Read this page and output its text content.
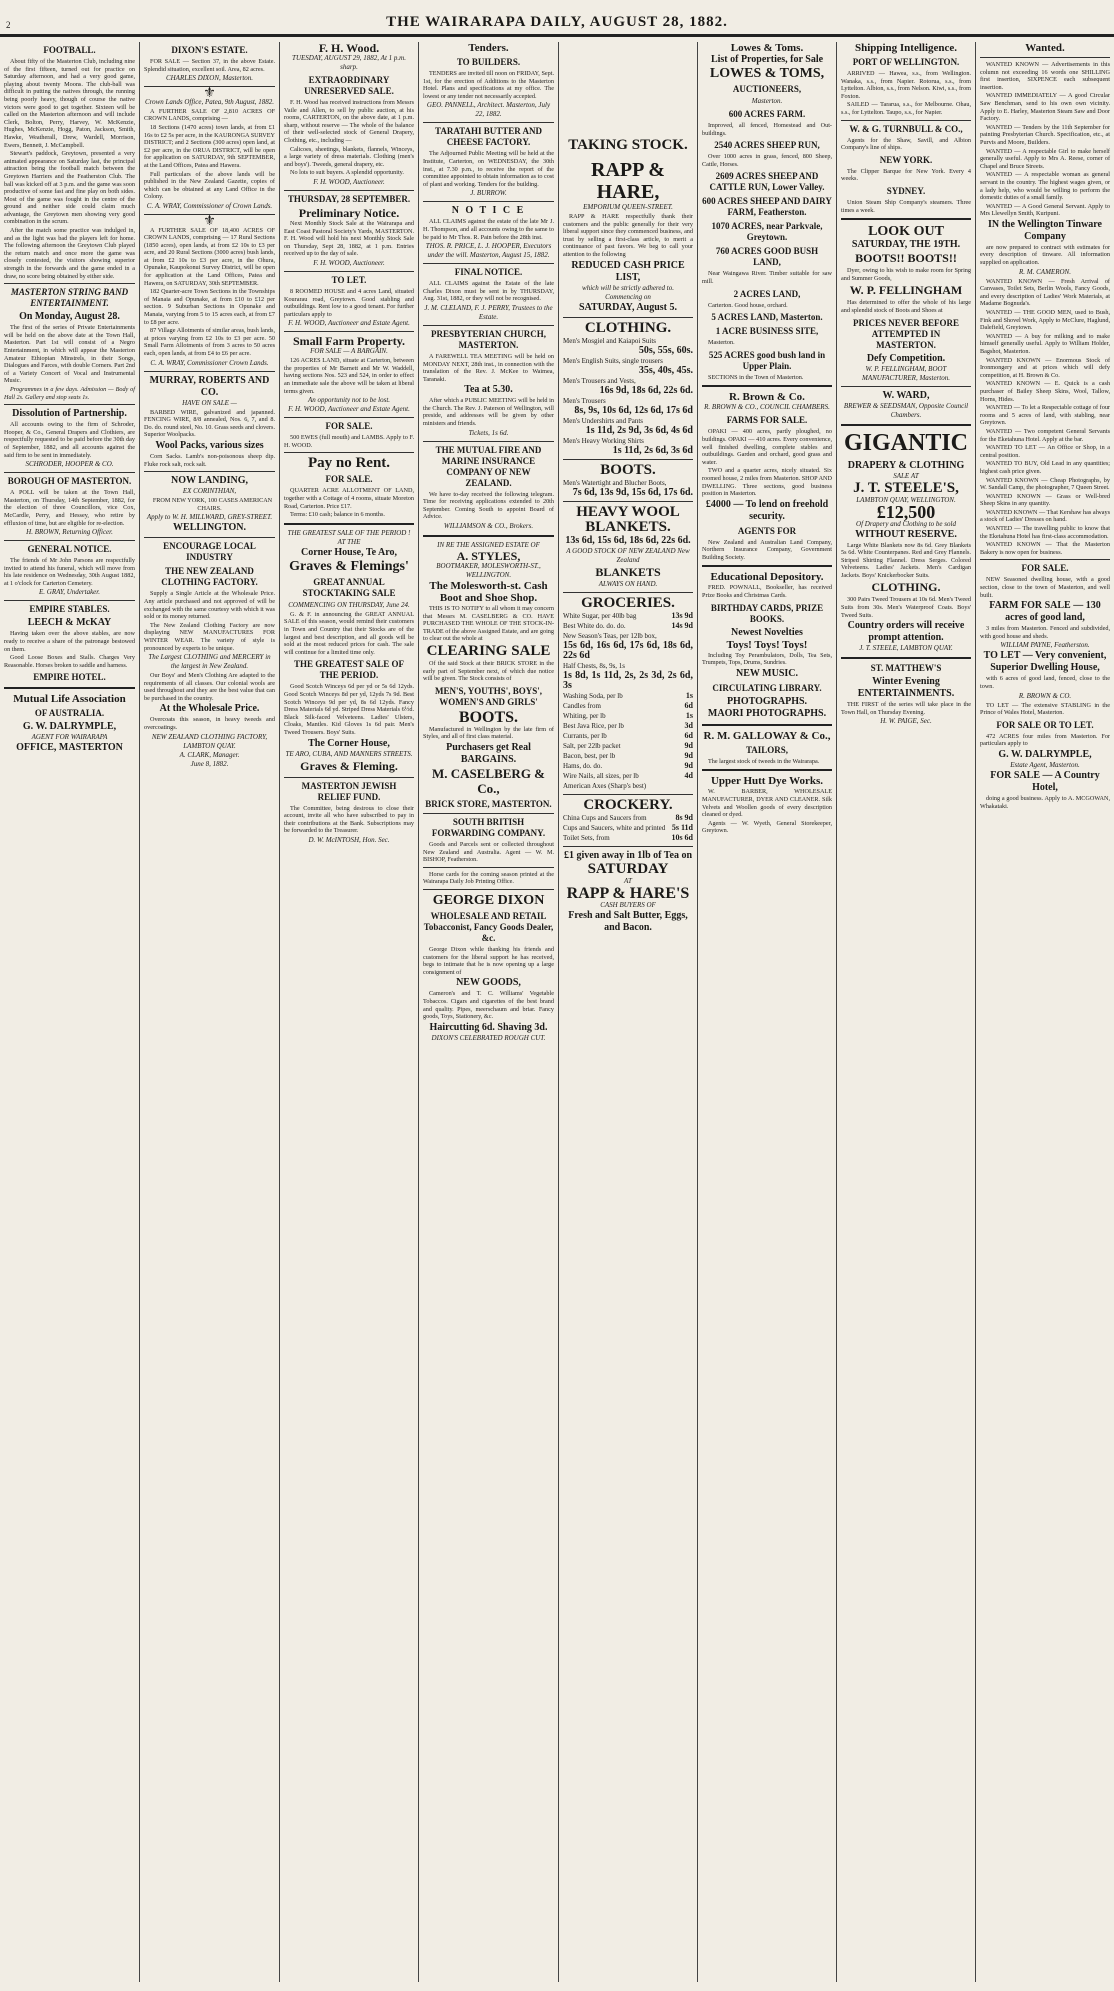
THE WAIRARAPA DAILY, AUGUST 28, 1882.
2
FOOTBALL.

About fifty of the Masterton Club, including nine of the first fifteen, turned out for practice on Saturday afternoon, and had a very good game, playing about twenty Moons. The club-ball was difficult in putting the natives through, the running being poorly heavy, though of course the native victors were good to get together. Sixteen will be called on the Masterton afternoon and will include Clerk, Bolton, Perry, Harvey, W. McKenzie, Hughes, McKenzie, Hogg, Paton, Jackson, Smith, Hawke, Weatherall, Drew, Wardell, Morrison, Ewers, Bennett, J. McCampbell.

Stewart's paddock, Greytown, presented a very animated appearance on Saturday last, the principal attraction being the football match between the Greytown Harriers and the Featherston Club. The ball was kicked off at 3 p.m. and the game was soon productive of some fast and fine play on both sides. Most of the game was fought in the centre of the ground and neither side could claim much advantage, the Greytown men showing very good combination in the scrum.

After the match some practice was indulged in, and as the light was bad the players left for home. The following afternoon the Greytown Club played the return match and once more the game was closely contested, the visitors showing superior strength in the forwards and the game ended in a draw, no score being obtained by either side.

MASTERTON STRING BAND ENTERTAINMENT.
On Monday, August 28.

The first of the series of Private Entertainments will be held on the above date at the Town Hall, Masterton. Part 1st will consist of a Negro Entertainment, in which will appear the Masterton Amateur Ethiopian Minstrels, in their Songs, Dialogues and Farces, with double Corners. Part 2nd of a Variety Concert of Vocal and Instrumental Music.

Programmes in a few days. Admission — Body of Hall 2s. Gallery and stop seats 1s.

Dissolution of Partnership.

All accounts owing to the firm of Schroder, Hooper, & Co., General Drapers and Clothiers, are respectfully requested to be paid before the 30th day of September, 1882, and all accounts against the said firm to be sent in immediately.

SCHRODER, HOOPER & CO.
BOROUGH OF MASTERTON.

A POLL will be taken at the Town Hall, Masterton, on Thursday, 14th September, 1882, for the election of three Councillors, vice Cox, McCardle, Perry, and Hessey, who retire by effluxion of time, but are eligible for re-election.

H. BROWN, Returning Officer.
GENERAL NOTICE.

The friends of Mr John Parsons are respectfully invited to attend his funeral, which will move from his late residence on Wednesday, 30th August 1882, at 1 o'clock for Carterton Cemetery.

E. GRAY, Undertaker.
EMPIRE STABLES.
LEECH & McKAY

Having taken over the above stables, are now ready to receive a share of the patronage bestowed on them.

Good Loose Boxes and Stalls. Charges Very Reasonable. Horses broken to saddle and harness.

EMPIRE HOTEL.
Mutual Life Association
OF AUSTRALIA.
G. W. DALRYMPLE,
AGENT FOR WAIRARAPA
OFFICE, MASTERTON
DIXON'S ESTATE.

FOR SALE — Section 37, in the above Estate. Splendid situation, excellent soil. Area, 82 acres.

CHARLES DIXON, Masterton.
⚜
Crown Lands Office, Patea, 9th August, 1882.

A FURTHER SALE OF 2,810 ACRES OF CROWN LANDS, comprising —

18 Sections (1470 acres) town lands, at from £1 16s to £2 5s per acre, in the KAURONGA SURVEY DISTRICT; and 2 Sections (300 acres) open land, at £2 per acre, in the ORUA DISTRICT, will be open for application on SATURDAY, 9th SEPTEMBER, at the Land Offices, Patea and Hawera.

Full particulars of the above lands will be published in the New Zealand Gazette, copies of which can be obtained at any Land Office in the Colony.

C. A. WRAY, Commissioner of Crown Lands.
⚜

A FURTHER SALE OF 18,400 ACRES OF CROWN LANDS, comprising — 17 Rural Sections (1850 acres), open lands, at from £2 10s to £3 per acre, and 20 Rural Sections (3000 acres) bush lands, at from £2 10s to £3 per acre, in the Ohura, Opunake, Kaupokonui Survey District, will be open for application at the Land Offices, Patea and Hawera, on SATURDAY, 30th SEPTEMBER.

182 Quarter-acre Town Sections in the Townships of Manaia and Opunake, at from £10 to £12 per section. 9 Suburban Sections in Opunake and Manaia, varying from 5 to 15 acres each, at from £7 to £8 per acre.

87 Village Allotments of similar areas, bush lands, at prices varying from £2 10s to £3 per acre. 50 Small Farm Allotments of from 3 acres to 50 acres each, open lands, at from £4 to £6 per acre.

C. A. WRAY, Commissioner Crown Lands.
MURRAY, ROBERTS AND CO.
HAVE ON SALE —

BARBED WIRE, galvanized and japanned. FENCING WIRE, 8/8 annealed, Nos. 6, 7, and 8. Do. do. round steel, No. 10. Grass seeds and clovers. Superior Woolpacks.

Wool Packs, various sizes

Corn Sacks. Lamb's non-poisonous sheep dip. Fluke rock salt, rock salt.

NOW LANDING,
EX CORINTHIAN,

FROM NEW YORK, 100 CASES AMERICAN CHAIRS.

Apply to W. H. MILLWARD, GREY-STREET.
WELLINGTON.
ENCOURAGE LOCAL INDUSTRY
THE NEW ZEALAND CLOTHING FACTORY.

Supply a Single Article at the Wholesale Price. Any article purchased and not approved of will be exchanged with the same courtesy with which it was sold or its money returned.

The New Zealand Clothing Factory are now displaying NEW MANUFACTURES FOR WINTER WEAR. The variety of style is pronounced by experts to be unique.

The Largest CLOTHING and MERCERY in the largest in New Zealand.

Our Boys' and Men's Clothing Are adapted to the requirements of all classes. Our colonial wools are used throughout and they are the best value that can be purchased in the country.

At the Wholesale Price.

Overcoats this season, in heavy tweeds and overcoatings.

NEW ZEALAND CLOTHING FACTORY, LAMBTON QUAY.
A. CLARK, Manager.
June 8, 1882.
F. H. Wood.
TUESDAY, AUGUST 29, 1882, At 1 p.m. sharp.
EXTRAORDINARY UNRESERVED SALE.

F. H. Wood has received instructions from Messrs Vaile and Allen, to sell by public auction, at his rooms, CARTERTON, on the above date, at 1 p.m. sharp, without reserve — The whole of the balance of their well-selected stock of General Drapery, Clothing, etc., including —

Calicoes, sheetings, blankets, flannels, Winceys, a large variety of dress materials. Clothing (men's and boys'). Tweeds, general drapery, etc.

No lots to suit buyers. A splendid opportunity.

F. H. WOOD, Auctioneer.
THURSDAY, 28 SEPTEMBER.
Preliminary Notice.

Next Monthly Stock Sale at the Wairarapa and East Coast Pastoral Society's Yards, MASTERTON. F. H. Wood will hold his next Monthly Stock Sale on Thursday, Sept 28, 1882, at 1 p.m. Entries received up to the day of sale.

F. H. WOOD, Auctioneer.
TO LET.

8 ROOMED HOUSE and 4 acres Land, situated Kourarau road, Greytown. Good stabling and outbuildings. Rent low to a good tenant. For further particulars apply to

F. H. WOOD, Auctioneer and Estate Agent.
Small Farm Property.
FOR SALE — A BARGAIN.

126 ACRES LAND, situate at Carterton, between the properties of Mr Barnett and Mr W. Waddell, having sections Nos. 523 and 524, in order to effect an immediate sale the above will be taken at liberal terms given.

An opportunity not to be lost.
F. H. WOOD, Auctioneer and Estate Agent.
FOR SALE.

500 EWES (full mouth) and LAMBS. Apply to F. H. WOOD.

Pay no Rent.
FOR SALE.

QUARTER ACRE ALLOTMENT OF LAND, together with a Cottage of 4 rooms, situate Moreton Road, Carterton. Price £17.

Terms: £10 cash; balance in 6 months.

THE GREATEST SALE OF THE PERIOD ! AT THE
Corner House, Te Aro,
Graves & Flemings'
GREAT ANNUAL STOCKTAKING SALE
COMMENCING ON THURSDAY, June 24.

G. & F. in announcing the GREAT ANNUAL SALE of this season, would remind their customers in Town and Country that their Stocks are of the largest and best description, and all goods will be sold at the most reduced prices for cash. The sale will continue for a limited time only.

THE GREATEST SALE OF THE PERIOD.

Good Scotch Winceys 6d per yd or 5s 6d 12yds. Good Scotch Winceys 8d per yd, 12yds 7s 9d. Best Scotch Winceys 9d per yd, 8s 6d 12yds. Fancy Dress Materials 6d yd. Striped Dress Materials 6½d. Black Silk-faced Velveteens. Ladies' Ulsters, Cloaks, Mantles. Kid Gloves 1s 6d pair. Men's Tweed Trousers. Boys' Suits.

The Corner House,
TE ARO, CUBA, AND MANNERS STREETS.
Graves & Fleming.
MASTERTON JEWISH RELIEF FUND.

The Committee, being desirous to close their account, invite all who have subscribed to pay in their contributions at the Bank. Subscriptions may be forwarded to the Treasurer.

D. W. McINTOSH, Hon. Sec.
Tenders.
TO BUILDERS.

TENDERS are invited till noon on FRIDAY, Sept. 1st, for the erection of Additions to the Masterton Hotel. Plans and specifications at my office. The lowest or any tender not necessarily accepted.

GEO. PANNELL, Architect. Masterton, July 22, 1882.
TARATAHI BUTTER AND CHEESE FACTORY.

The Adjourned Public Meeting will be held at the Institute, Carterton, on WEDNESDAY, the 30th inst., at 7.30 p.m., to receive the report of the committee appointed to obtain information as to cost of plant and working. Tenders for the building.

J. BURROW.
N O T I C E

ALL CLAIMS against the estate of the late Mr J. H. Thompson, and all accounts owing to the same to be paid to Mr Thos. R. Pain before the 28th inst.

THOS. R. PRICE, L. J. HOOPER, Executors under the will. Masterton, August 15, 1882.
FINAL NOTICE.

ALL CLAIMS against the Estate of the late Charles Dixon must be sent in by THURSDAY, Aug. 31st, 1882, or they will not be recognised.

J. M. CLELAND, F. J. PERRY, Trustees to the Estate.
PRESBYTERIAN CHURCH, MASTERTON.

A FAREWELL TEA MEETING will be held on MONDAY NEXT, 28th inst., in connection with the translation of the Rev. J. McKee to Waimea, Taranaki.

Tea at 5.30.

After which a PUBLIC MEETING will be held in the Church. The Rev. J. Paterson of Wellington, will preside, and addresses will be given by other ministers and friends.

Tickets, 1s 6d.
THE MUTUAL FIRE AND MARINE INSURANCE COMPANY OF NEW ZEALAND.

We have to-day received the following telegram. Time for receiving applications extended to 20th September. Coming South to appoint Board of Advice.

WILLIAMSON & CO., Brokers.
IN RE THE ASSIGNED ESTATE OF
A. STYLES,
BOOTMAKER, MOLESWORTH-ST., WELLINGTON.
The Molesworth-st. Cash Boot and Shoe Shop.

THIS IS TO NOTIFY to all whom it may concern that Messrs M. CASELBERG & CO. HAVE PURCHASED THE WHOLE OF THE STOCK-IN-TRADE of the above Assigned Estate, and are going to clear out the whole at

CLEARING SALE

Of the said Stock at their BRICK STORE in the early part of September next, of which due notice will be given. The Stock consists of

MEN'S, YOUTHS', BOYS', WOMEN'S AND GIRLS'
BOOTS.

Manufactured in Wellington by the late firm of Styles, and all of first class material.

Purchasers get Real BARGAINS.
M. CASELBERG & Co.,
BRICK STORE, MASTERTON.
SOUTH BRITISH FORWARDING COMPANY.

Goods and Parcels sent or collected throughout New Zealand and Australia. Agent — W. M. BISHOP, Featherston.

Horse cards for the coming season printed at the Wairarapa Daily Job Printing Office.

GEORGE DIXON
WHOLESALE AND RETAIL Tobacconist, Fancy Goods Dealer, &c.

George Dixon while thanking his friends and customers for the liberal support he has received, begs to intimate that he is now opening up a large consignment of

NEW GOODS,

Cameron's and T. C. Williams' Vegetable Tobaccos. Cigars and cigarettes of the best brand and quality. Pipes, meerschaum and briar. Fancy goods, Toys, Stationery, &c.

Haircutting 6d. Shaving 3d.
DIXON'S CELEBRATED ROUGH CUT.
TAKING STOCK.
RAPP & HARE,
EMPORIUM QUEEN-STREET.

RAPP & HARE respectfully thank their customers and the public generally for their very liberal support since they commenced business, and trust by selling a first-class article, to merit a continuance of past favors. We beg to call your attention to the following

REDUCED CASH PRICE LIST,
which will be strictly adhered to.
Commencing on
SATURDAY, August 5.
CLOTHING.
Men's Mosgiel and Kaiapoi Suits
50s, 55s, 60s.
Men's English Suits, single trousers
35s, 40s, 45s.
Men's Trousers and Vests,
16s 9d, 18s 6d, 22s 6d.
Men's Trousers
8s, 9s, 10s 6d, 12s 6d, 17s 6d
Men's Undershirts and Pants
1s 11d, 2s 9d, 3s 6d, 4s 6d
Men's Heavy Working Shirts
1s 11d, 2s 6d, 3s 6d
BOOTS.
Men's Watertight and Blucher Boots,
7s 6d, 13s 9d, 15s 6d, 17s 6d.
HEAVY WOOL BLANKETS.
13s 6d, 15s 6d, 18s 6d, 22s 6d.
A GOOD STOCK OF NEW ZEALAND New Zealand
BLANKETS
ALWAYS ON HAND.
GROCERIES.
White Sugar, per 40lb bag	13s 9d
Best White do. do. do.	14s 9d
New Season's Teas, per 12lb box,
15s 6d, 16s 6d, 17s 6d, 18s 6d, 22s 6d
Half Chests, 8s, 9s, 1s
1s 8d, 1s 11d, 2s, 2s 3d, 2s 6d, 3s
Washing Soda, per lb	1s
Candles from	6d
Whiting, per lb	1s
Best Java Rice, per lb	3d
Currants, per lb	6d
Salt, per 22lb packet	9d
Bacon, best, per lb	9d
Hams, do. do.	9d
Wire Nails, all sizes, per lb	4d
American Axes (Sharp's best)
CROCKERY.
China Cups and Saucers from	8s 9d
Cups and Saucers, white and printed 5s 11d
Toilet Sets, from	10s 6d
£1 given away in 1lb of Tea on
SATURDAY
AT
RAPP & HARE'S
CASH BUYERS OF
Fresh and Salt Butter, Eggs, and Bacon.
Lowes & Toms.
List of Properties, for Sale
LOWES & TOMS,
AUCTIONEERS,
Masterton.
600 ACRES FARM.

Improved, all fenced, Homestead and Out-buildings.

2540 ACRES SHEEP RUN,

Over 1000 acres in grass, fenced, 800 Sheep, Cattle, Horses.

2609 ACRES SHEEP AND CATTLE RUN, Lower Valley.
600 ACRES SHEEP AND DAIRY FARM, Featherston.
1070 ACRES, near Parkvale, Greytown.
760 ACRES GOOD BUSH LAND,

Near Waingawa River. Timber suitable for saw mill.

2 ACRES LAND,

Carterton. Good house, orchard.

5 ACRES LAND, Masterton.
1 ACRE BUSINESS SITE,

Masterton.

525 ACRES good bush land in Upper Plain.

SECTIONS in the Town of Masterton.

R. Brown & Co.
R. BROWN & CO., COUNCIL CHAMBERS.
FARMS FOR SALE.

OPAKI — 400 acres, partly ploughed, no buildings. OPAKI — 410 acres. Every convenience, well finished dwelling, complete stables and outbuildings. Garden and orchard, good grass and water.

TWO and a quarter acres, nicely situated. Six roomed house, 2 miles from Masterton. SHOP AND DWELLING. Three sections, good business position in Masterton.

£4000 — To lend on freehold security.
AGENTS FOR

New Zealand and Australian Land Company, Northern Insurance Company, Government Building Society.

Educational Depository.

FRED. POWNALL, Bookseller, has received Prize Books and Christmas Cards.

BIRTHDAY CARDS, PRIZE BOOKS.
Newest Novelties
Toys! Toys! Toys!

Including Toy Perambulators, Dolls, Tea Sets, Trumpets, Tops, Drums, Sundries.

NEW MUSIC.
CIRCULATING LIBRARY.
PHOTOGRAPHS.
MAORI PHOTOGRAPHS.
R. M. GALLOWAY & Co.,
TAILORS,

The largest stock of tweeds in the Wairarapa.

Upper Hutt Dye Works.

W. BARBER, WHOLESALE MANUFACTURER, DYER AND CLEANER. Silk Velvets and Woollen goods of every description cleaned or dyed.

Agents — W. Wyeth, General Storekeeper, Greytown.

Shipping Intelligence.
PORT OF WELLINGTON.

ARRIVED — Hawea, s.s., from Wellington. Wanaka, s.s., from Napier. Rotorua, s.s., from Lyttelton. Albion, s.s., from Nelson. Kiwi, s.s., from Foxton.

SAILED — Tararua, s.s., for Melbourne. Ohau, s.s., for Lyttelton. Taupo, s.s., for Napier.

W. & G. TURNBULL & CO.,

Agents for the Shaw, Savill, and Albion Company's line of ships.

NEW YORK.

The Clipper Barque for New York. Every 4 weeks.

SYDNEY.

Union Steam Ship Company's steamers. Three times a week.

LOOK OUT
SATURDAY, THE 19TH.
BOOTS!! BOOTS!!

Dyer, owing to his wish to make room for Spring and Summer Goods,

W. P. FELLINGHAM

Has determined to offer the whole of his large and splendid stock of Boots and Shoes at

PRICES NEVER BEFORE ATTEMPTED IN MASTERTON.
Defy Competition.
W. P. FELLINGHAM, BOOT MANUFACTURER, Masterton.
W. WARD,
BREWER & SEEDSMAN, Opposite Council Chambers.
GIGANTIC
DRAPERY & CLOTHING
SALE AT
J. T. STEELE'S,
LAMBTON QUAY, WELLINGTON.
£12,500
Of Drapery and Clothing to be sold
WITHOUT RESERVE.

Large White Blankets now 8s 6d. Grey Blankets 5s 6d. White Counterpanes. Red and Grey Flannels. Striped Shirting Flannel. Dress Serges. Colored Velveteens. Ladies' Jackets. Men's Cardigan Jackets. Boys' Knickerbocker Suits.

CLOTHING.

300 Pairs Tweed Trousers at 10s 6d. Men's Tweed Suits from 30s. Men's Waterproof Coats. Boys' Tweed Suits.

Country orders will receive prompt attention.
J. T. STEELE, LAMBTON QUAY.
ST. MATTHEW'S
Winter Evening
ENTERTAINMENTS.

THE FIRST of the series will take place in the Town Hall, on Thursday Evening.

H. W. PAIGE, Sec.
Wanted.

WANTED KNOWN — Advertisements in this column not exceeding 16 words one SHILLING first insertion, SIXPENCE each subsequent insertion.

WANTED IMMEDIATELY — A good Circular Saw Benchman, send to his own own vicinity. Apply to E. Harley, Masterton Steam Saw and Door Factory.

WANTED — Tenders by the 11th September for painting Presbyterian Church. Specification, etc., at Purvis and Moore, Builders.

WANTED — A respectable Girl to make herself generally useful. Apply to Mrs A. Reese, corner of Chapel and Bruce Streets.

WANTED — A respectable woman as general servant in the country. The highest wages given, or a lady help, who would be willing to perform the domestic duties of a small family.

WANTED — A Good General Servant. Apply to Mrs Llewellyn Smith, Kuripuni.

IN the Wellington Tinware Company

are now prepared to contract with estimates for every description of tinware. All information supplied on application.

R. M. CAMERON.

WANTED KNOWN — Fresh Arrival of Canvases, Toilet Sets, Berlin Wools, Fancy Goods, and every description of Ladies' Work Materials, at Madame Bognuda's.

WANTED — THE GOOD MEN, used to Bush, Fink and Shovel Work, Apply to McClure, Haglund, Dalefield, Greytown.

WANTED — A buy for milking and to make himself generally useful. Apply to William Holder, Bagshot, Masterton.

WANTED KNOWN — Enormous Stock of Ironmongery and at prices which will defy competition, at H. Brown & Co.

WANTED KNOWN — E. Quick is a cash purchaser of Bailey Sheep Skins, Wool, Tallow, Horns, Hides.

WANTED — To let a Respectable cottage of four rooms and 5 acres of land, with stabling, near Greytown.

WANTED — Two competent General Servants for the Eketahuna Hotel. Apply at the bar.

WANTED TO LET — An Office or Shop, in a central position.

WANTED TO BUY, Old Lead in any quantities; highest cash price given.

WANTED KNOWN — Cheap Photographs, by W. Sandall Camp, the photographer, 7 Queen Street.

WANTED KNOWN — Grass or Well-bred Sheep Skins in any quantity.

WANTED KNOWN — That Kershaw has always a stock of Ladies' Dresses on hand.

WANTED — The travelling public to know that the Eketahuna Hotel has first-class accommodation.

WANTED KNOWN — That the Masterton Bakery is now open for business.

FOR SALE.

NEW Seasoned dwelling house, with a good section, close to the town of Masterton, and well built.

FARM FOR SALE — 130 acres of good land,

3 miles from Masterton. Fenced and subdivided, with good house and sheds.

WILLIAM PAYNE, Featherston.
TO LET — Very convenient, Superior Dwelling House,

with 6 acres of good land, fenced, close to the town.

R. BROWN & CO.

TO LET — The extensive STABLING in the Prince of Wales Hotel, Masterton.

FOR SALE OR TO LET.

472 ACRES four miles from Masterton. For particulars apply to

G. W. DALRYMPLE,
Estate Agent, Masterton.
FOR SALE — A Country Hotel,

doing a good business. Apply to A. MCGOWAN, Whakataki.
